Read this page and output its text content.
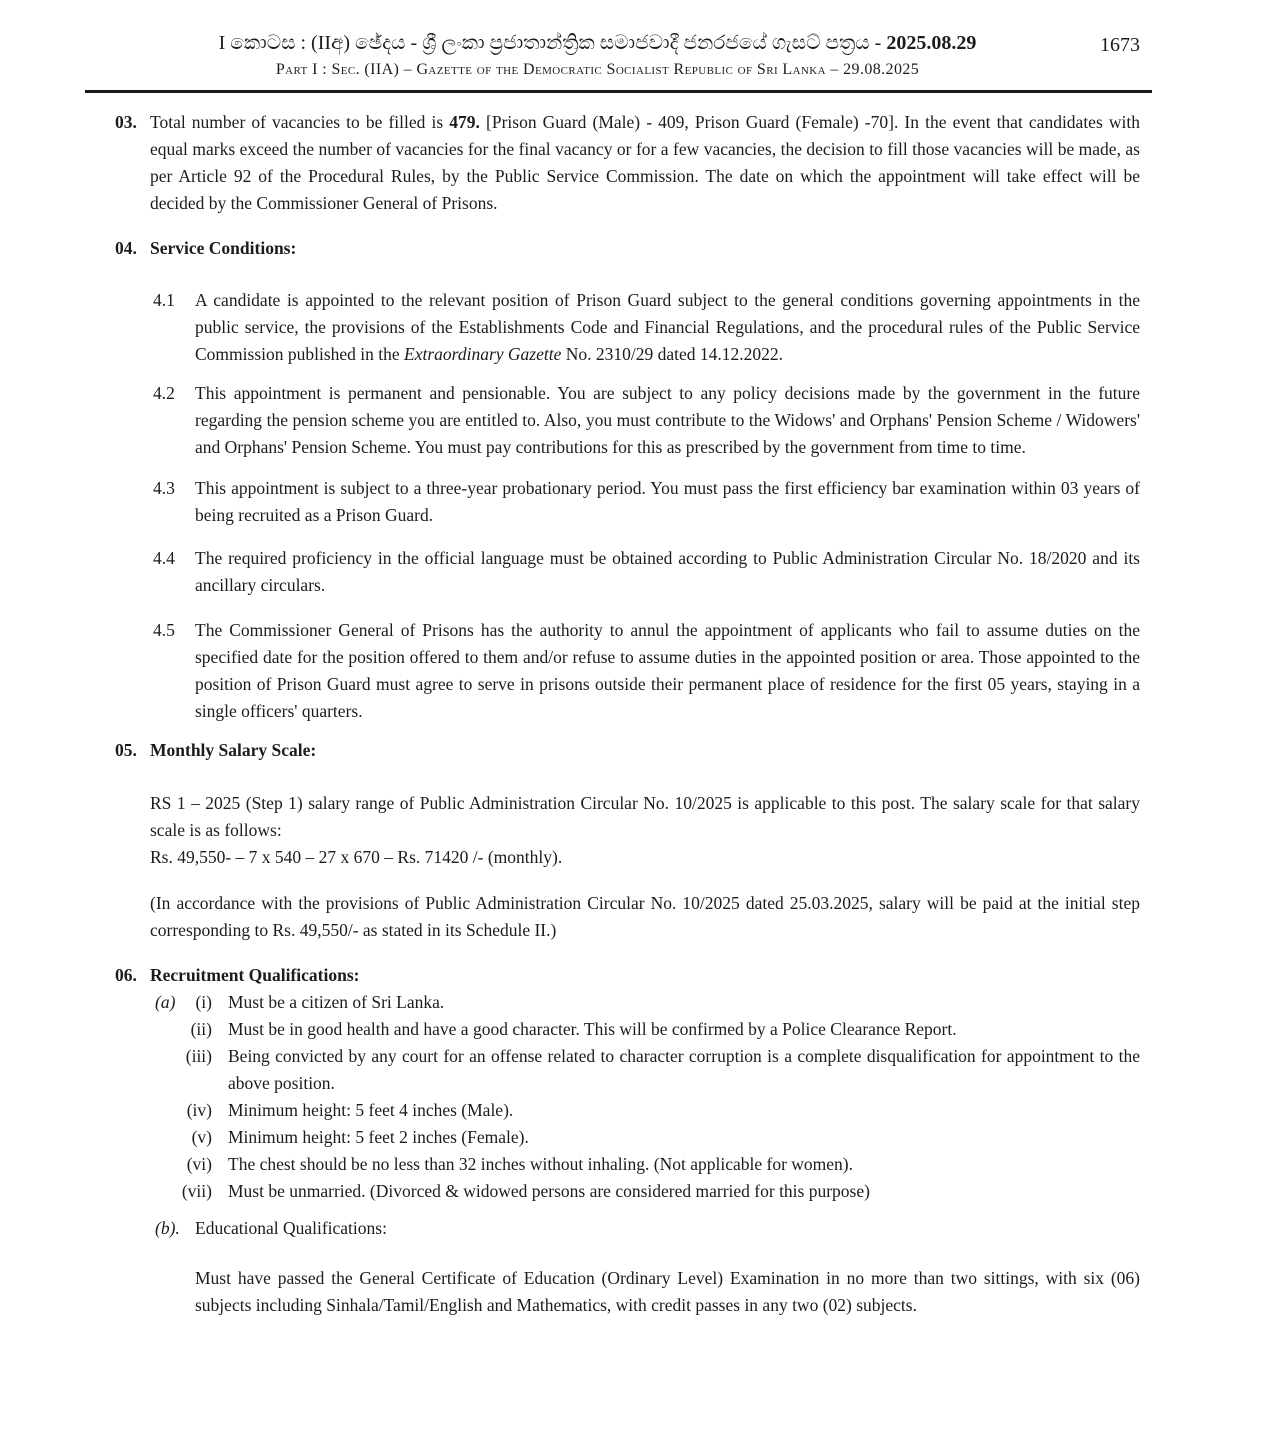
I කොටස : (IIඅ) ඡේදය - ශ්‍රී ලංකා ප්‍රජාතාන්ත්‍රික සමාජවාදී ජනරජයේ ගැසට් පත්‍රය - 2025.08.29
Part I : Sec. (IIA) – Gazette of the Democratic Socialist Republic of Sri Lanka – 29.08.2025
1673
03. Total number of vacancies to be filled is 479. [Prison Guard (Male) - 409, Prison Guard (Female) -70]. In the event that candidates with equal marks exceed the number of vacancies for the final vacancy or for a few vacancies, the decision to fill those vacancies will be made, as per Article 92 of the Procedural Rules, by the Public Service Commission. The date on which the appointment will take effect will be decided by the Commissioner General of Prisons.

04. Service Conditions:
4.1	A candidate is appointed to the relevant position of Prison Guard subject to the general conditions governing appointments in the public service, the provisions of the Establishments Code and Financial Regulations, and the procedural rules of the Public Service Commission published in the Extraordinary Gazette No. 2310/29 dated 14.12.2022.

4.2	This appointment is permanent and pensionable. You are subject to any policy decisions made by the government in the future regarding the pension scheme you are entitled to. Also, you must contribute to the Widows' and Orphans' Pension Scheme / Widowers' and Orphans' Pension Scheme. You must pay contributions for this as prescribed by the government from time to time.

4.3	This appointment is subject to a three-year probationary period. You must pass the first efficiency bar examination within 03 years of being recruited as a Prison Guard.

4.4	The required proficiency in the official language must be obtained according to Public Administration Circular No. 18/2020 and its ancillary circulars.

4.5	The Commissioner General of Prisons has the authority to annul the appointment of applicants who fail to assume duties on the specified date for the position offered to them and/or refuse to assume duties in the appointed position or area. Those appointed to the position of Prison Guard must agree to serve in prisons outside their permanent place of residence for the first 05 years, staying in a single officers' quarters.

05. Monthly Salary Scale:

RS 1 – 2025 (Step 1) salary range of Public Administration Circular No. 10/2025 is applicable to this post. The salary scale for that salary scale is as follows:

Rs. 49,550- – 7 x 540 – 27 x 670 – Rs. 71420 /- (monthly).

(In accordance with the provisions of Public Administration Circular No. 10/2025 dated 25.03.2025, salary will be paid at the initial step corresponding to Rs. 49,550/- as stated in its Schedule II.)

06. Recruitment Qualifications:
(a)	(i) Must be a citizen of Sri Lanka.
(ii) Must be in good health and have a good character. This will be confirmed by a Police Clearance Report.
(iii) Being convicted by any court for an offense related to character corruption is a complete disqualification for appointment to the above position.
(iv) Minimum height: 5 feet 4 inches (Male).
(v) Minimum height: 5 feet 2 inches (Female).
(vi) The chest should be no less than 32 inches without inhaling. (Not applicable for women).
(vii) Must be unmarried. (Divorced & widowed persons are considered married for this purpose)
(b). Educational Qualifications:

Must have passed the General Certificate of Education (Ordinary Level) Examination in no more than two sittings, with six (06) subjects including Sinhala/Tamil/English and Mathematics, with credit passes in any two (02) subjects.
